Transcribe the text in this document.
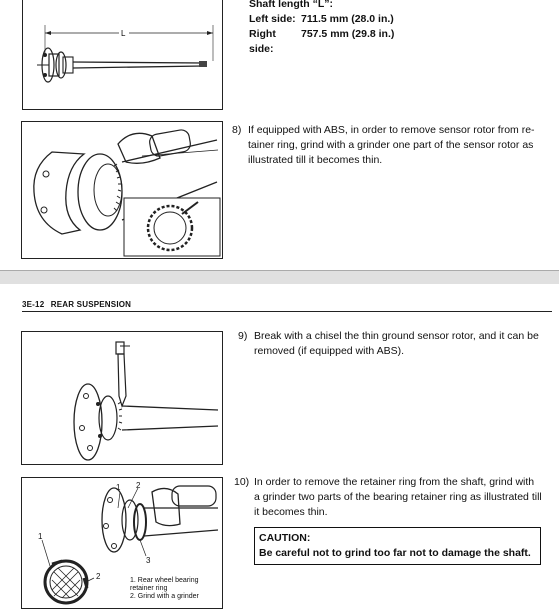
L
Shaft length “L”:
Left side: 711.5 mm (28.0 in.)
Right side:
757.5 mm (29.8 in.)
8) If equipped with ABS, in order to remove sensor rotor from re-
tainer ring, grind with a grinder one part of the sensor rotor as
illustrated till it becomes thin.
3E-12 REAR SUSPENSION
9) Break with a chisel the thin ground sensor rotor, and it can be
removed (if equipped with ABS).
1
2
1 2
3
1. Rear wheel bearing
retainer ring
2. Grind with a grinder
10) In order to remove the retainer ring from the shaft, grind with
a grinder two parts of the bearing retainer ring as illustrated till
it becomes thin.
CAUTION:
Be careful not to grind too far not to damage the shaft.
